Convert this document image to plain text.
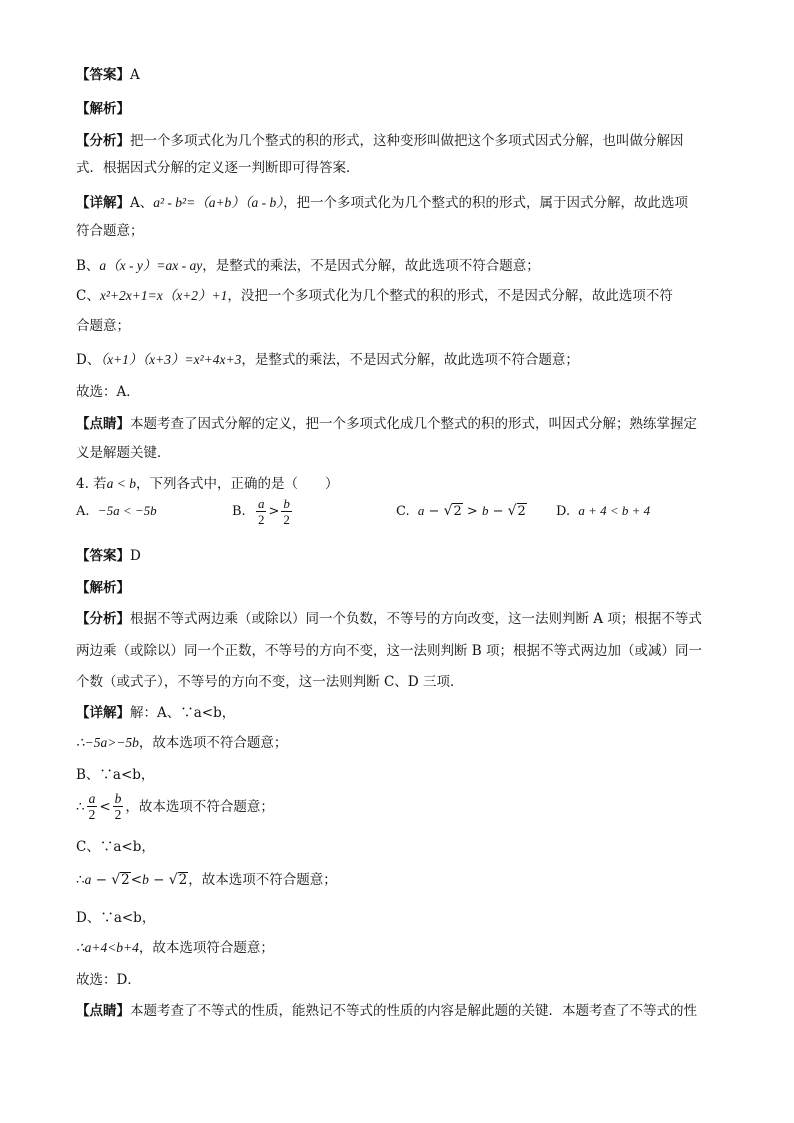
【答案】A
【解析】
【分析】把一个多项式化为几个整式的积的形式，这种变形叫做把这个多项式因式分解，也叫做分解因
式．根据因式分解的定义逐一判断即可得答案．
【详解】A、a² - b²=（a+b）（a - b），把一个多项式化为几个整式的积的形式，属于因式分解，故此选项
符合题意；
B、a（x - y）=ax - ay，是整式的乘法，不是因式分解，故此选项不符合题意；
C、x²+2x+1=x（x+2）+1，没把一个多项式化为几个整式的积的形式，不是因式分解，故此选项不符
合题意；
D、（x+1）（x+3）=x²+4x+3，是整式的乘法，不是因式分解，故此选项不符合题意；
故选：A．
【点睛】本题考查了因式分解的定义，把一个多项式化成几个整式的积的形式，叫因式分解；熟练掌握定
义是解题关键．
4. 若a < b，下列各式中，正确的是（　　）
A.
−5a < −5b	B.
$\frac{a}{2} > \frac{b}{2}$	C.
a − √ 2 > b − √ 2 D.
a + 4 < b + 4
【答案】D
【解析】
【分析】根据不等式两边乘（或除以）同一个负数，不等号的方向改变，这一法则判断 A 项；根据不等式
两边乘（或除以）同一个正数，不等号的方向不变，这一法则判断 B 项；根据不等式两边加（或减）同一
个数（或式子），不等号的方向不变，这一法则判断 C、D 三项．
【详解】解：A、∵a<b，
∴−5a>−5b，故本选项不符合题意；
B、∵a<b，
∴ $\frac{a}{2} < \frac{b}{2}$ ，故本选项不符合题意；
C、∵a<b，
∴a − √2<b − √2，故本选项不符合题意；
D、∵a<b，
∴a+4<b+4，故本选项符合题意；
故选：D．
【点睛】本题考查了不等式的性质，能熟记不等式的性质的内容是解此题的关键．本题考查了不等式的性
